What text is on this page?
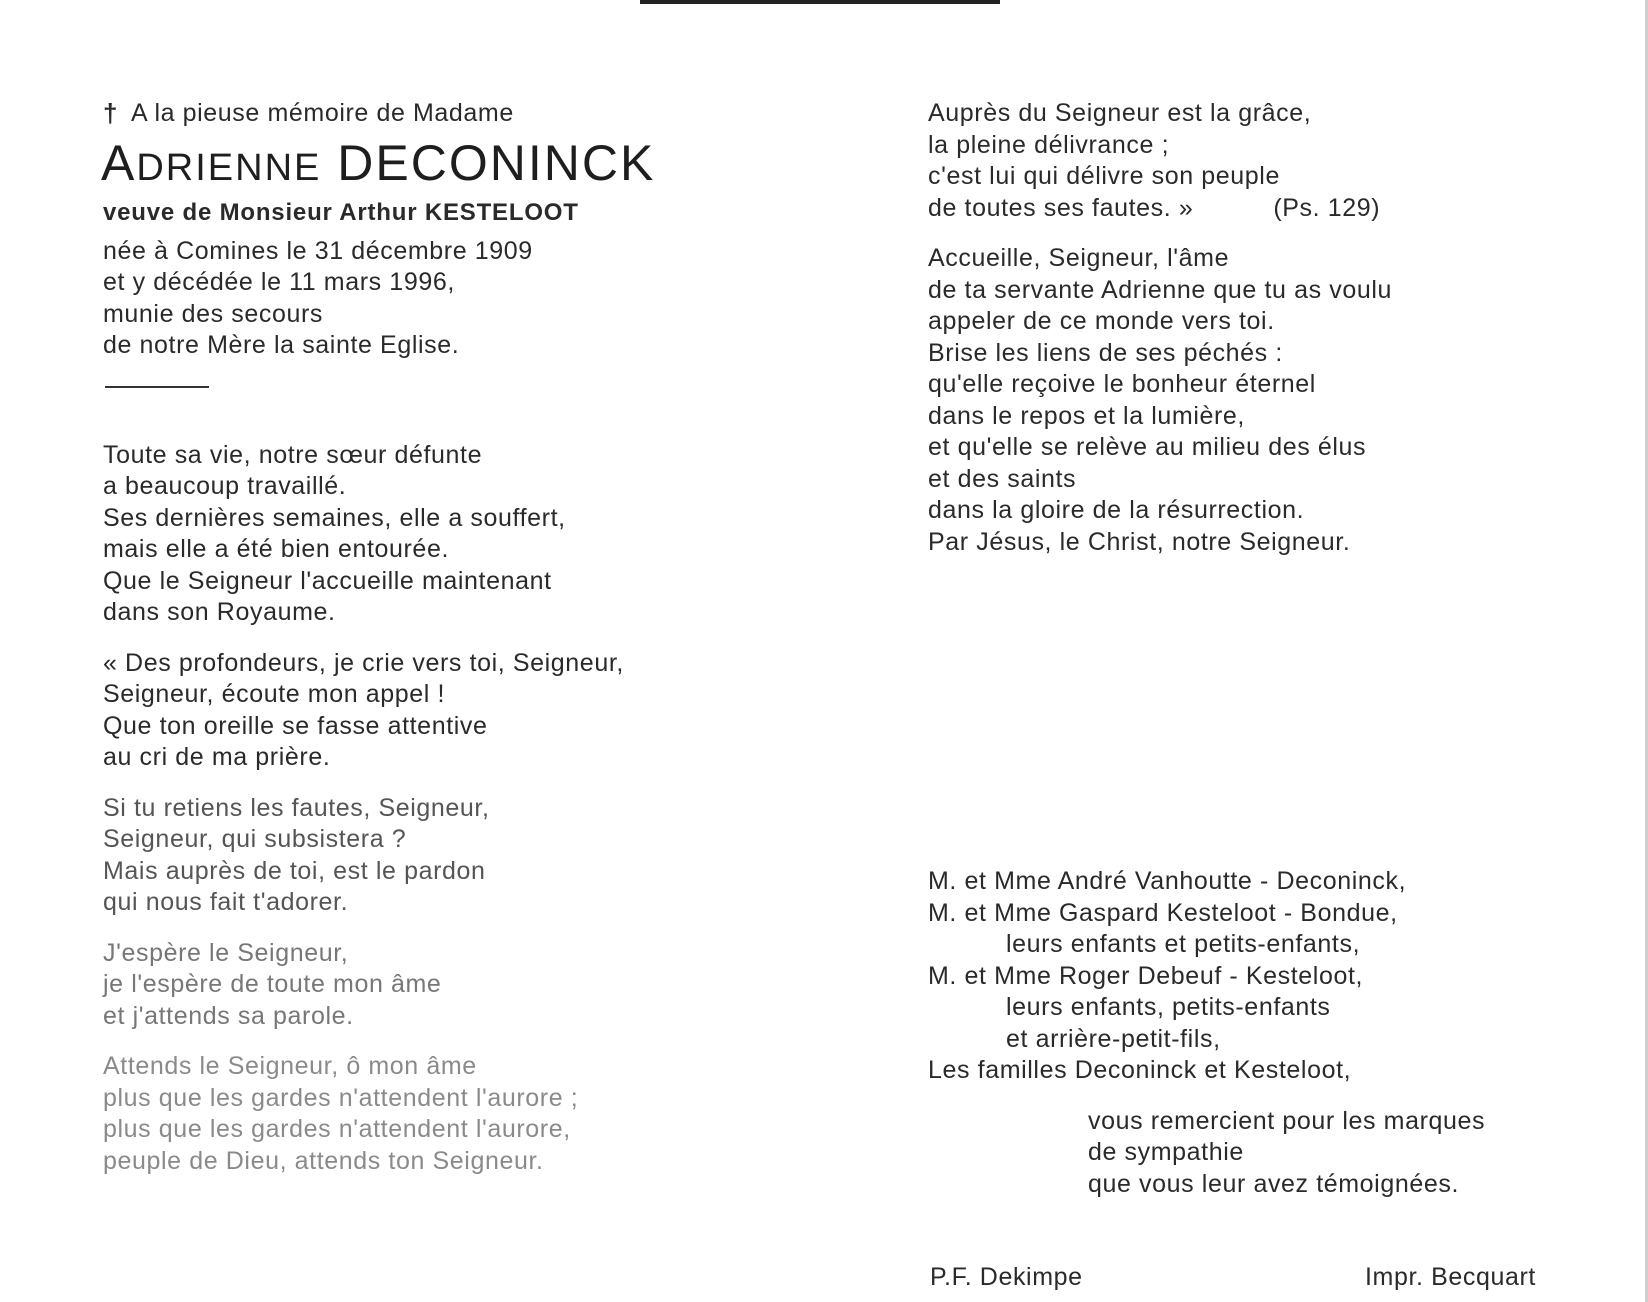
† A la pieuse mémoire de Madame
ADRIENNE DECONINCK
veuve de Monsieur Arthur KESTELOOT
née à Comines le 31 décembre 1909
et y décédée le 11 mars 1996,
munie des secours
de notre Mère la sainte Eglise.
Toute sa vie, notre sœur défunte
a beaucoup travaillé.
Ses dernières semaines, elle a souffert,
mais elle a été bien entourée.
Que le Seigneur l'accueille maintenant
dans son Royaume.
« Des profondeurs, je crie vers toi, Seigneur,
Seigneur, écoute mon appel !
Que ton oreille se fasse attentive
au cri de ma prière.
Si tu retiens les fautes, Seigneur,
Seigneur, qui subsistera ?
Mais auprès de toi, est le pardon
qui nous fait t'adorer.
J'espère le Seigneur,
je l'espère de toute mon âme
et j'attends sa parole.
Attends le Seigneur, ô mon âme
plus que les gardes n'attendent l'aurore ;
plus que les gardes n'attendent l'aurore,
peuple de Dieu, attends ton Seigneur.
Auprès du Seigneur est la grâce,
la pleine délivrance ;
c'est lui qui délivre son peuple
de toutes ses fautes. »	(Ps. 129)
Accueille, Seigneur, l'âme
de ta servante Adrienne que tu as voulu
appeler de ce monde vers toi.
Brise les liens de ses péchés :
qu'elle reçoive le bonheur éternel
dans le repos et la lumière,
et qu'elle se relève au milieu des élus
et des saints
dans la gloire de la résurrection.
Par Jésus, le Christ, notre Seigneur.
M. et Mme André Vanhoutte - Deconinck,
M. et Mme Gaspard Kesteloot - Bondue,
leurs enfants et petits-enfants,
M. et Mme Roger Debeuf - Kesteloot,
leurs enfants, petits-enfants
et arrière-petit-fils,
Les familles Deconinck et Kesteloot,
vous remercient pour les marques
de sympathie
que vous leur avez témoignées.
P.F. Dekimpe	Impr. Becquart
